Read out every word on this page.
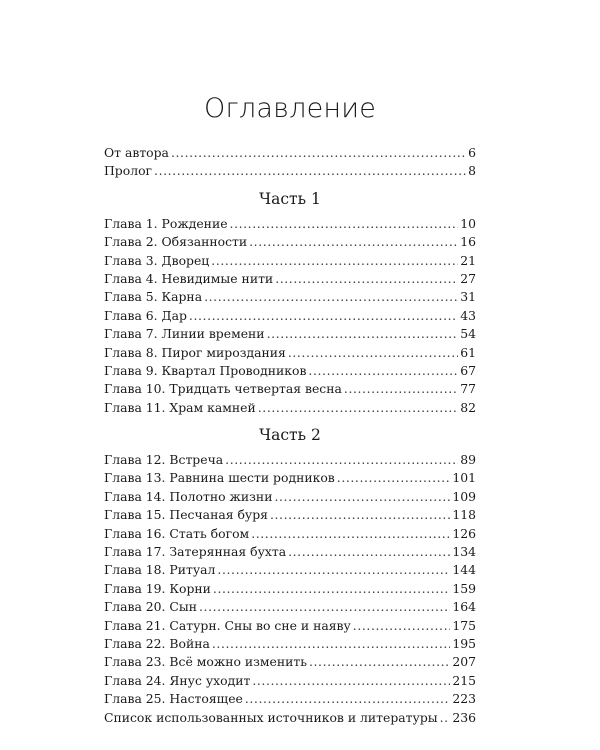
Оглавление
От автора .....	6
Пролог .....	8
Часть 1
Глава 1. Рождение .....	10
Глава 2. Обязанности .....	16
Глава 3. Дворец .....	21
Глава 4. Невидимые нити .....	27
Глава 5. Карна .....	31
Глава 6. Дар .....	43
Глава 7. Линии времени .....	54
Глава 8. Пирог мироздания .....	61
Глава 9. Квартал Проводников .....	67
Глава 10. Тридцать четвертая весна .....	77
Глава 11. Храм камней .....	82
Часть 2
Глава 12. Встреча .....	89
Глава 13. Равнина шести родников .....	101
Глава 14. Полотно жизни .....	109
Глава 15. Песчаная буря .....	118
Глава 16. Стать богом .....	126
Глава 17. Затерянная бухта .....	134
Глава 18. Ритуал .....	144
Глава 19. Корни .....	159
Глава 20. Сын .....	164
Глава 21. Сатурн. Сны во сне и наяву .....	175
Глава 22. Война .....	195
Глава 23. Всё можно изменить .....	207
Глава 24. Янус уходит .....	215
Глава 25. Настоящее .....	223
Список использованных источников и литературы ..... 236
